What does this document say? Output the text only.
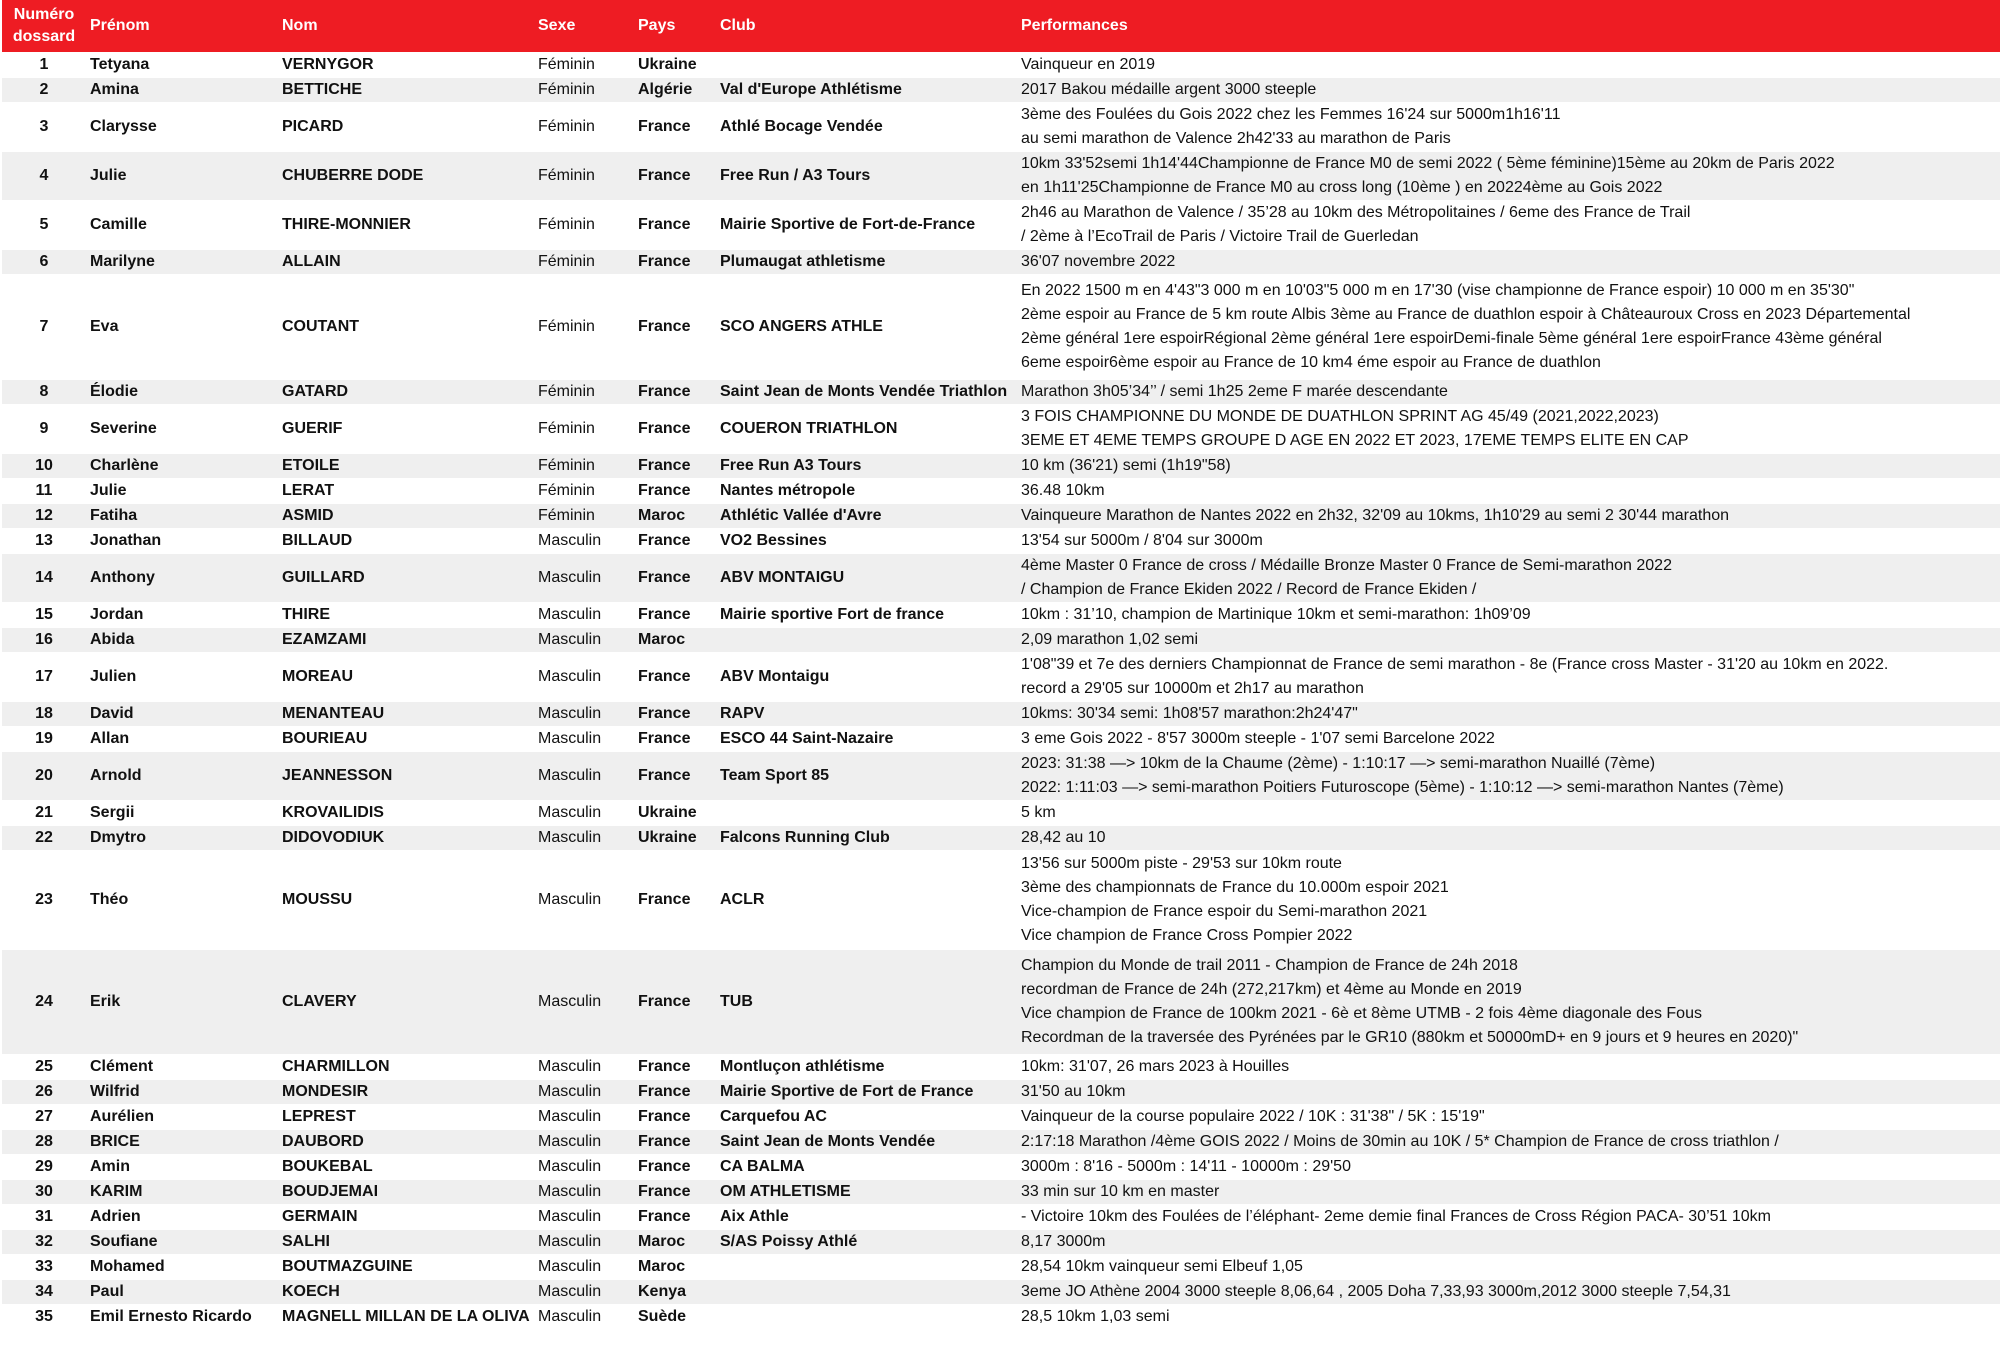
Numéro dossard	Prénom	Nom	Sexe	Pays	Club	Performances
1	Tetyana	VERNYGOR	Féminin	Ukraine		Vainqueur en 2019

2	Amina	BETTICHE	Féminin	Algérie	Val d'Europe Athlétisme	2017 Bakou médaille argent 3000 steeple

3	Clarysse	PICARD	Féminin	France	Athlé Bocage Vendée	3ème des Foulées du Gois 2022 chez les Femmes 16'24 sur 5000m1h16'11
au semi marathon de Valence 2h42'33 au marathon de Paris

4	Julie	CHUBERRE DODE	Féminin	France	Free Run / A3 Tours	10km 33'52semi 1h14'44Championne de France M0 de semi 2022 ( 5ème féminine)15ème au 20km de Paris 2022
en 1h11'25Championne de France M0 au cross long (10ème ) en 20224ème au Gois 2022

5	Camille	THIRE-MONNIER	Féminin	France	Mairie Sportive de Fort-de-France	2h46 au Marathon de Valence / 35’28 au 10km des Métropolitaines / 6eme des France de Trail
/ 2ème à l’EcoTrail de Paris / Victoire Trail de Guerledan

6	Marilyne	ALLAIN	Féminin	France	Plumaugat athletisme	36'07 novembre 2022

7	Eva	COUTANT	Féminin	France	SCO ANGERS ATHLE	En 2022 1500 m en 4'43"3 000 m en 10'03"5 000 m en 17'30 (vise championne de France espoir) 10 000 m en 35'30"
2ème espoir au France de 5 km route Albis 3ème au France de duathlon espoir à Châteauroux Cross en 2023 Départemental
2ème général 1ere espoirRégional 2ème général 1ere espoirDemi-finale 5ème général 1ere espoirFrance 43ème général
6eme espoir6ème espoir au France de 10 km4 éme espoir au France de duathlon

8	Élodie	GATARD	Féminin	France	Saint Jean de Monts Vendée Triathlon	Marathon 3h05’34’’ / semi 1h25 2eme F marée descendante

9	Severine	GUERIF	Féminin	France	COUERON TRIATHLON	3 FOIS CHAMPIONNE DU MONDE DE DUATHLON SPRINT AG 45/49 (2021,2022,2023)
3EME ET 4EME TEMPS GROUPE D AGE EN 2022 ET 2023, 17EME TEMPS ELITE EN CAP

10	Charlène	ETOILE	Féminin	France	Free Run A3 Tours	10 km (36'21) semi (1h19"58)

11	Julie	LERAT	Féminin	France	Nantes métropole	36.48 10km

12	Fatiha	ASMID	Féminin	Maroc	Athlétic Vallée d'Avre	Vainqueure Marathon de Nantes 2022 en 2h32, 32'09 au 10kms, 1h10'29 au semi 2 30'44 marathon

13	Jonathan	BILLAUD	Masculin	France	VO2 Bessines	13'54 sur 5000m / 8'04 sur 3000m

14	Anthony	GUILLARD	Masculin	France	ABV MONTAIGU	4ème Master 0 France de cross / Médaille Bronze Master 0 France de Semi-marathon 2022
/ Champion de France Ekiden 2022 / Record de France Ekiden /

15	Jordan	THIRE	Masculin	France	Mairie sportive Fort de france	10km : 31’10, champion de Martinique 10km et semi-marathon: 1h09’09

16	Abida	EZAMZAMI	Masculin	Maroc		2,09 marathon 1,02 semi

17	Julien	MOREAU	Masculin	France	ABV Montaigu	1'08"39 et 7e des derniers Championnat de France de semi marathon - 8e (France cross Master - 31'20 au 10km en 2022.
record a 29'05 sur 10000m et 2h17 au marathon

18	David	MENANTEAU	Masculin	France	RAPV	10kms: 30'34 semi: 1h08'57 marathon:2h24'47"

19	Allan	BOURIEAU	Masculin	France	ESCO 44 Saint-Nazaire	3 eme Gois 2022 - 8'57 3000m steeple - 1'07 semi Barcelone 2022

20	Arnold	JEANNESSON	Masculin	France	Team Sport 85	2023: 31:38 —> 10km de la Chaume (2ème) - 1:10:17 —> semi-marathon Nuaillé (7ème)
2022: 1:11:03 —> semi-marathon Poitiers Futuroscope (5ème) - 1:10:12 —> semi-marathon Nantes (7ème)

21	Sergii	KROVAILIDIS	Masculin	Ukraine		5 km

22	Dmytro	DIDOVODIUK	Masculin	Ukraine	Falcons Running Club	28,42 au 10

23	Théo	MOUSSU	Masculin	France	ACLR	13'56 sur 5000m piste - 29'53 sur 10km route
3ème des championnats de France du 10.000m espoir 2021
Vice-champion de France espoir du Semi-marathon 2021
Vice champion de France Cross Pompier 2022

24	Erik	CLAVERY	Masculin	France	TUB	Champion du Monde de trail 2011 - Champion de France de 24h 2018
recordman de France de 24h (272,217km) et 4ème au Monde en 2019
Vice champion de France de 100km 2021 - 6è et 8ème UTMB - 2 fois 4ème diagonale des Fous
Recordman de la traversée des Pyrénées par le GR10 (880km et 50000mD+ en 9 jours et 9 heures en 2020)"

25	Clément	CHARMILLON	Masculin	France	Montluçon athlétisme	10km: 31'07, 26 mars 2023 à Houilles

26	Wilfrid	MONDESIR	Masculin	France	Mairie Sportive de Fort de France	31'50 au 10km

27	Aurélien	LEPREST	Masculin	France	Carquefou AC	Vainqueur de la course populaire 2022 / 10K : 31'38" / 5K : 15'19"

28	BRICE	DAUBORD	Masculin	France	Saint Jean de Monts Vendée	2:17:18 Marathon /4ème GOIS 2022 / Moins de 30min au 10K / 5* Champion de France de cross triathlon /

29	Amin	BOUKEBAL	Masculin	France	CA BALMA	3000m : 8'16 - 5000m : 14'11 - 10000m : 29'50

30	KARIM	BOUDJEMAI	Masculin	France	OM ATHLETISME	33 min sur 10 km en master

31	Adrien	GERMAIN	Masculin	France	Aix Athle	- Victoire 10km des Foulées de l’éléphant- 2eme demie final Frances de Cross Région PACA- 30’51 10km

32	Soufiane	SALHI	Masculin	Maroc	S/AS Poissy Athlé	8,17 3000m

33	Mohamed	BOUTMAZGUINE	Masculin	Maroc		28,54 10km vainqueur semi Elbeuf 1,05

34	Paul	KOECH	Masculin	Kenya		3eme JO Athène 2004 3000 steeple 8,06,64 , 2005 Doha 7,33,93 3000m,2012 3000 steeple 7,54,31

35	Emil Ernesto Ricardo	MAGNELL MILLAN DE LA OLIVA	Masculin	Suède		28,5 10km 1,03 semi
